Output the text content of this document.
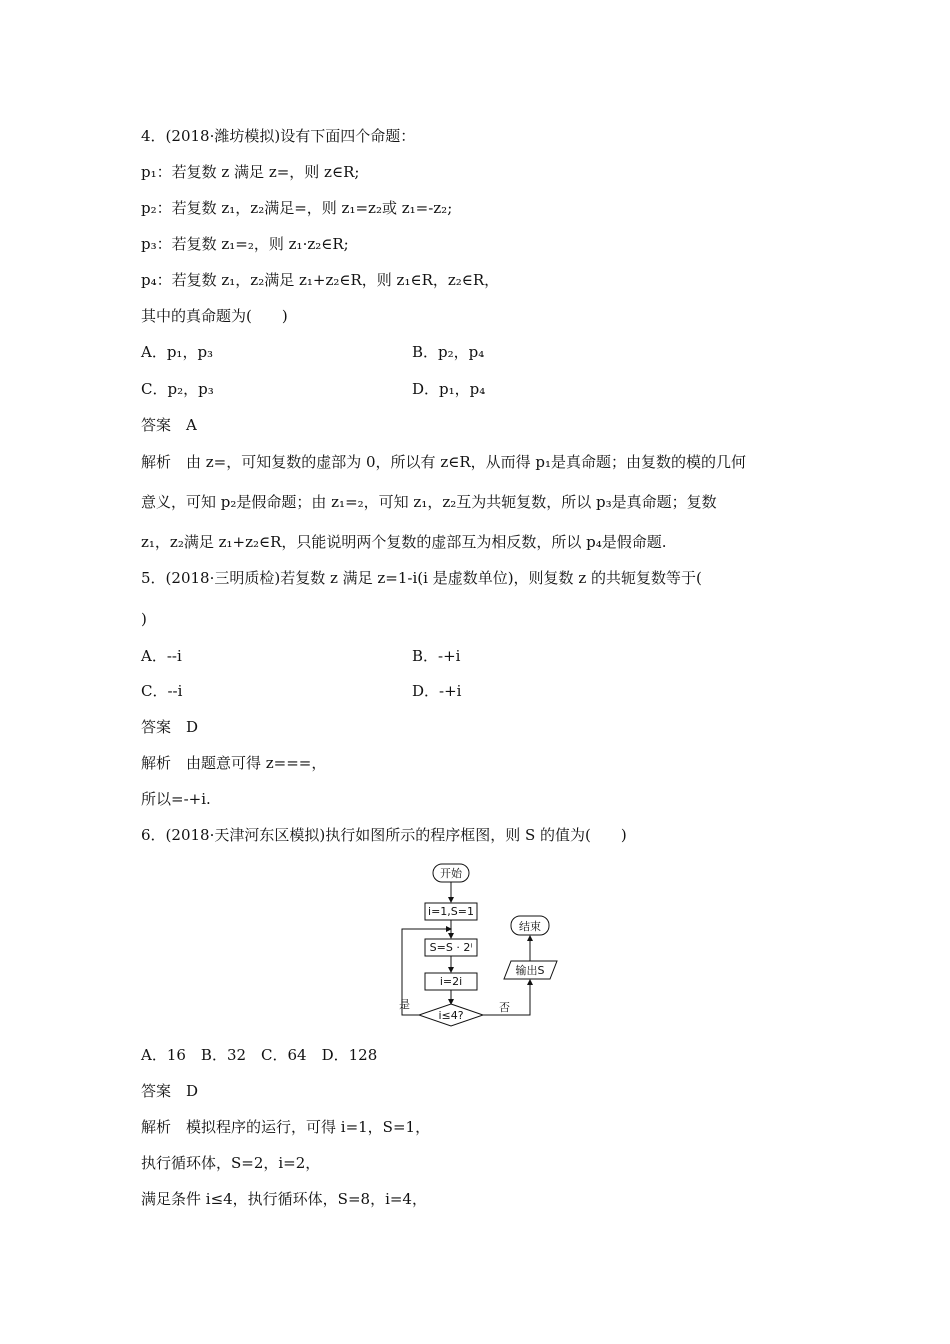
4．(2018·潍坊模拟)设有下面四个命题：
p₁：若复数 z 满足 z=，则 z∈R;
p₂：若复数 z₁，z₂满足=，则 z₁=z₂或 z₁=-z₂;
p₃：若复数 z₁=₂，则 z₁·z₂∈R;
p₄：若复数 z₁，z₂满足 z₁+z₂∈R，则 z₁∈R，z₂∈R，
其中的真命题为(　　)
A．p₁，p₃
C．p₂，p₃
答案　A
解析　由 z=，可知复数的虚部为 0，所以有 z∈R，从而得 p₁是真命题；由复数的模的几何
意义，可知 p₂是假命题；由 z₁=₂，可知 z₁，z₂互为共轭复数，所以 p₃是真命题；复数
z₁，z₂满足 z₁+z₂∈R，只能说明两个复数的虚部互为相反数，所以 p₄是假命题.
5．(2018·三明质检)若复数 z 满足 z=1-i(i 是虚数单位)，则复数 z 的共轭复数等于(
)
A．--i
C．--i
答案　D
解析　由题意可得 z===，
所以=-+i.
6．(2018·天津河东区模拟)执行如图所示的程序框图，则 S 的值为(　　)
A．16　B．32　C．64　D．128
答案　D
解析　模拟程序的运行，可得 i=1，S=1，
执行循环体，S=2，i=2，
满足条件 i≤4，执行循环体，S=8，i=4，
B．p₂，p₄
D．p₁，p₄
B．-+i
D．-+i
开始
i=1,S=1
S=S · 2ⁱ
i=2i
i≤4?
是	否
输出S
结束
